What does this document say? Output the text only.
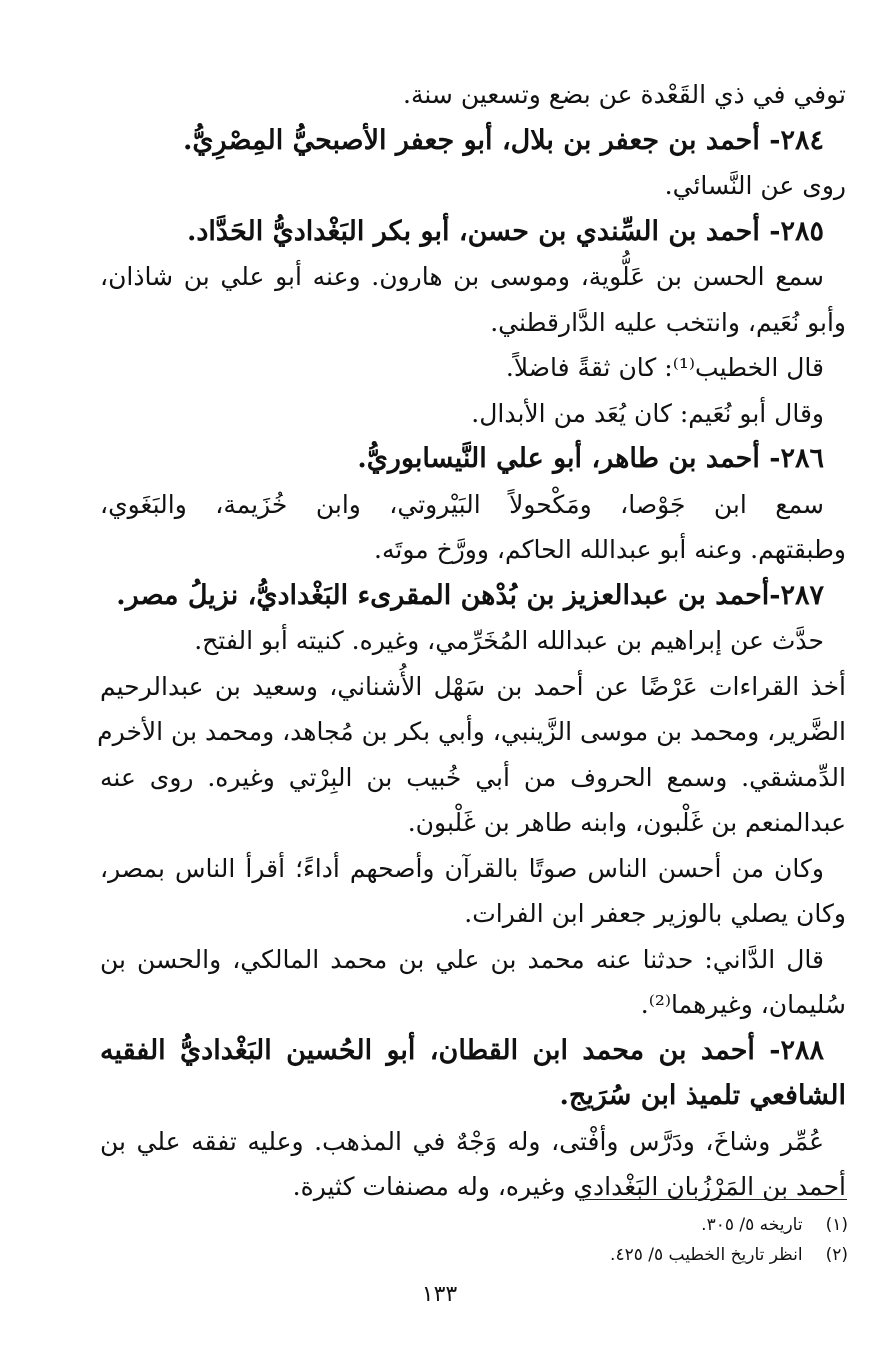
توفي في ذي القَعْدة عن بضع وتسعين سنة.
٢٨٤- أحمد بن جعفر بن بلال، أبو جعفر الأصبحيُّ المِصْرِيُّ.
روى عن النَّسائي.
٢٨٥- أحمد بن السِّندي بن حسن، أبو بكر البَغْداديُّ الحَدَّاد.
سمع الحسن بن عَلُّوية، وموسى بن هارون. وعنه أبو علي بن شاذان،
وأبو نُعَيم، وانتخب عليه الدَّارقطني.
قال الخطيب⁽¹⁾: كان ثقةً فاضلاً.
وقال أبو نُعَيم: كان يُعَد من الأبدال.
٢٨٦- أحمد بن طاهر، أبو علي النَّيسابوريُّ.
سمع ابن جَوْصا، ومَكْحولاً البَيْروتي، وابن خُزَيمة، والبَغَوي،
وطبقتهم. وعنه أبو عبدالله الحاكم، وورَّخ موتَه.
٢٨٧-أحمد بن عبدالعزيز بن بُدْهن المقرىء البَغْداديُّ، نزيلُ مصر.
حدَّث عن إبراهيم بن عبدالله المُخَرِّمي، وغيره. كنيته أبو الفتح.
أخذ القراءات عَرْضًا عن أحمد بن سَهْل الأُشناني، وسعيد بن عبدالرحيم
الضَّرير، ومحمد بن موسى الزَّينبي، وأبي بكر بن مُجاهد، ومحمد بن الأخرم
الدِّمشقي. وسمع الحروف من أبي خُبيب بن البِرْتي وغيره. روى عنه
عبدالمنعم بن غَلْبون، وابنه طاهر بن غَلْبون.
وكان من أحسن الناس صوتًا بالقرآن وأصحهم أداءً؛ أقرأ الناس بمصر،
وكان يصلي بالوزير جعفر ابن الفرات.
قال الدَّاني: حدثنا عنه محمد بن علي بن محمد المالكي، والحسن بن
سُليمان، وغيرهما⁽²⁾.
٢٨٨- أحمد بن محمد ابن القطان، أبو الحُسين البَغْداديُّ الفقيه
الشافعي تلميذ ابن سُرَيج.
عُمِّر وشاخَ، ودَرَّس وأفْتى، وله وَجْهٌ في المذهب. وعليه تفقه علي بن
أحمد بن المَرْزُبان البَغْدادي وغيره، وله مصنفات كثيرة.
(١) تاريخه ٥/ ٣٠٥.
(٢) انظر تاريخ الخطيب ٥/ ٤٢٥.
١٣٣
